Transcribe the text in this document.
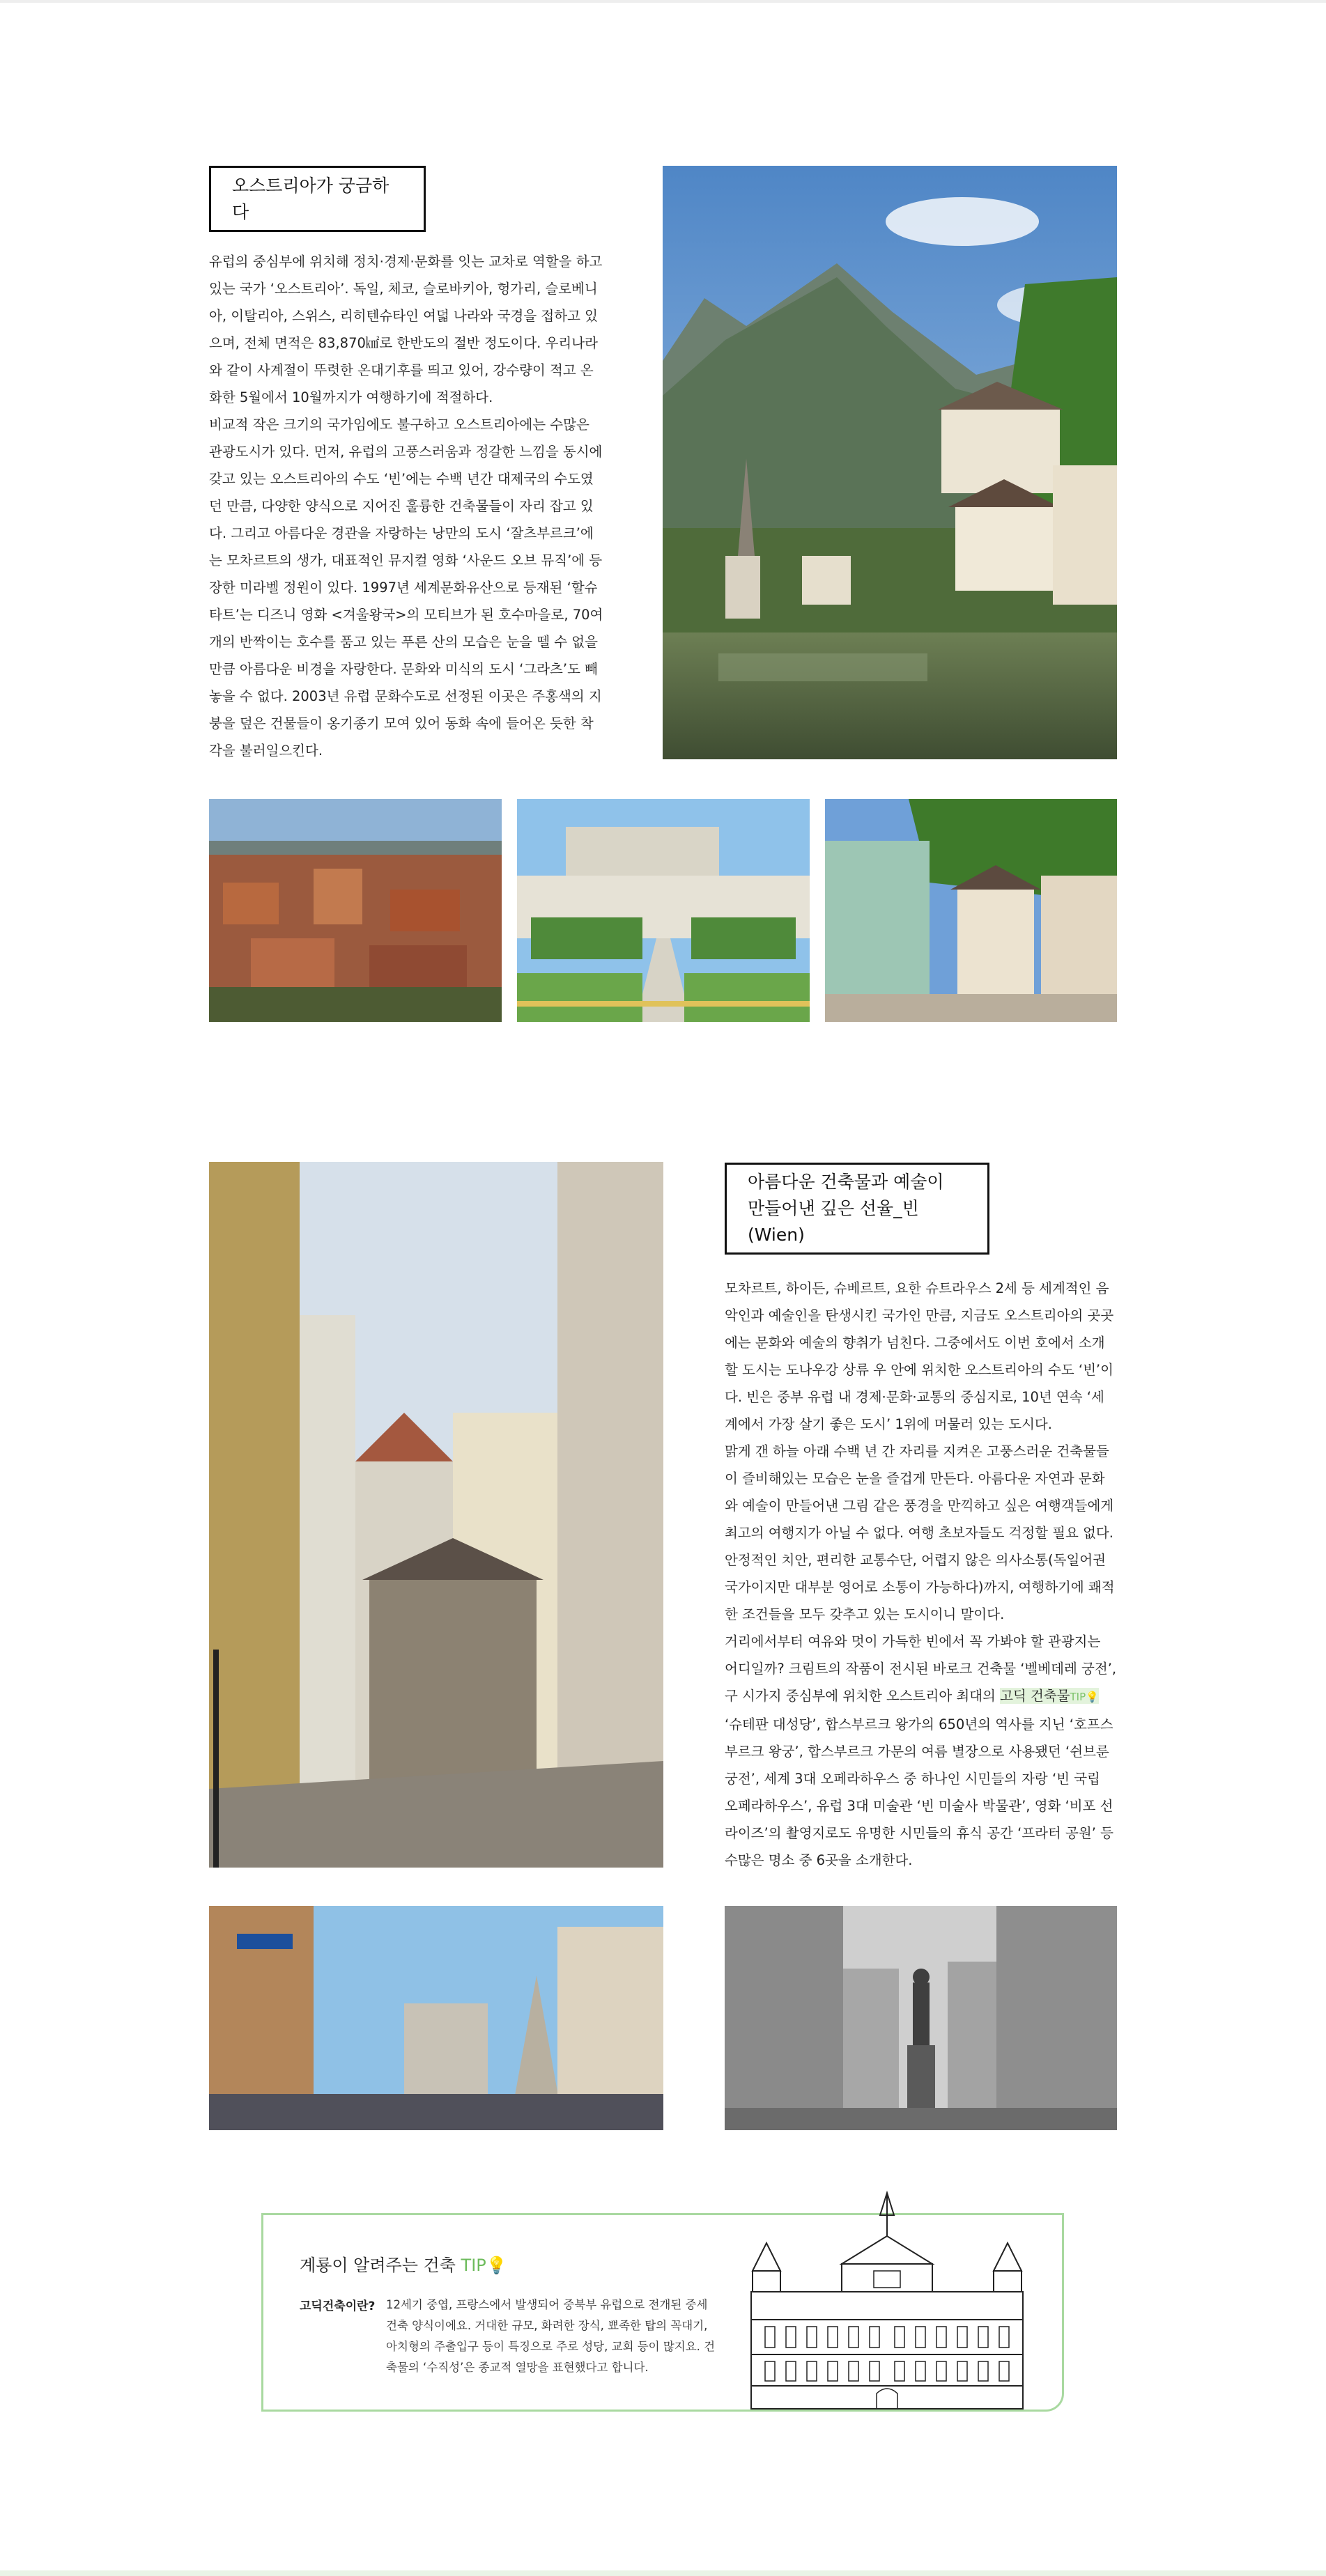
오스트리아가 궁금하다

유럽의 중심부에 위치해 정치·경제·문화를 잇는 교차로 역할을 하고 있는 국가 ‘오스트리아’. 독일, 체코, 슬로바키아, 헝가리, 슬로베니아, 이탈리아, 스위스, 리히텐슈타인 여덟 나라와 국경을 접하고 있으며, 전체 면적은 83,870㎢로 한반도의 절반 정도이다. 우리나라와 같이 사계절이 뚜렷한 온대기후를 띄고 있어, 강수량이 적고 온화한 5월에서 10월까지가 여행하기에 적절하다.

비교적 작은 크기의 국가임에도 불구하고 오스트리아에는 수많은 관광도시가 있다. 먼저, 유럽의 고풍스러움과 정갈한 느낌을 동시에 갖고 있는 오스트리아의 수도 ‘빈’에는 수백 년간 대제국의 수도였던 만큼, 다양한 양식으로 지어진 훌륭한 건축물들이 자리 잡고 있다. 그리고 아름다운 경관을 자랑하는 낭만의 도시 ‘잘츠부르크’에는 모차르트의 생가, 대표적인 뮤지컬 영화 ‘사운드 오브 뮤직’에 등장한 미라벨 정원이 있다. 1997년 세계문화유산으로 등재된 ‘할슈타트’는 디즈니 영화 <겨울왕국>의 모티브가 된 호수마을로, 70여 개의 반짝이는 호수를 품고 있는 푸른 산의 모습은 눈을 뗄 수 없을 만큼 아름다운 비경을 자랑한다. 문화와 미식의 도시 ‘그라츠’도 빼놓을 수 없다. 2003년 유럽 문화수도로 선정된 이곳은 주홍색의 지붕을 덮은 건물들이 옹기종기 모여 있어 동화 속에 들어온 듯한 착각을 불러일으킨다.

아름다운 건축물과 예술이
만들어낸 깊은 선율_빈(Wien)

모차르트, 하이든, 슈베르트, 요한 슈트라우스 2세 등 세계적인 음악인과 예술인을 탄생시킨 국가인 만큼, 지금도 오스트리아의 곳곳에는 문화와 예술의 향취가 넘친다. 그중에서도 이번 호에서 소개할 도시는 도나우강 상류 우 안에 위치한 오스트리아의 수도 ‘빈’이다. 빈은 중부 유럽 내 경제·문화·교통의 중심지로, 10년 연속 ‘세계에서 가장 살기 좋은 도시’ 1위에 머물러 있는 도시다.

맑게 갠 하늘 아래 수백 년 간 자리를 지켜온 고풍스러운 건축물들이 즐비해있는 모습은 눈을 즐겁게 만든다. 아름다운 자연과 문화와 예술이 만들어낸 그림 같은 풍경을 만끽하고 싶은 여행객들에게 최고의 여행지가 아닐 수 없다. 여행 초보자들도 걱정할 필요 없다. 안정적인 치안, 편리한 교통수단, 어렵지 않은 의사소통(독일어권 국가이지만 대부분 영어로 소통이 가능하다)까지, 여행하기에 쾌적한 조건들을 모두 갖추고 있는 도시이니 말이다.

거리에서부터 여유와 멋이 가득한 빈에서 꼭 가봐야 할 관광지는 어디일까? 크림트의 작품이 전시된 바로크 건축물 ‘벨베데레 궁전’, 구 시가지 중심부에 위치한 오스트리아 최대의 고딕 건축물TIP💡 ‘슈테판 대성당’, 합스부르크 왕가의 650년의 역사를 지닌 ‘호프스부르크 왕궁’, 합스부르크 가문의 여름 별장으로 사용됐던 ‘쉰브룬 궁전’, 세계 3대 오페라하우스 중 하나인 시민들의 자랑 ‘빈 국립 오페라하우스’, 유럽 3대 미술관 ‘빈 미술사 박물관’, 영화 ‘비포 선라이즈’의 촬영지로도 유명한 시민들의 휴식 공간 ‘프라터 공원’ 등 수많은 명소 중 6곳을 소개한다.

계룡이 알려주는 건축 TIP💡
고딕건축이란? 12세기 중엽, 프랑스에서 발생되어 중북부 유럽으로 전개된 중세 건축 양식이에요. 거대한 규모, 화려한 장식, 뾰족한 탑의 꼭대기, 아치형의 주출입구 등이 특징으로 주로 성당, 교회 등이 많지요. 건축물의 ‘수직성’은 종교적 열망을 표현했다고 합니다.
